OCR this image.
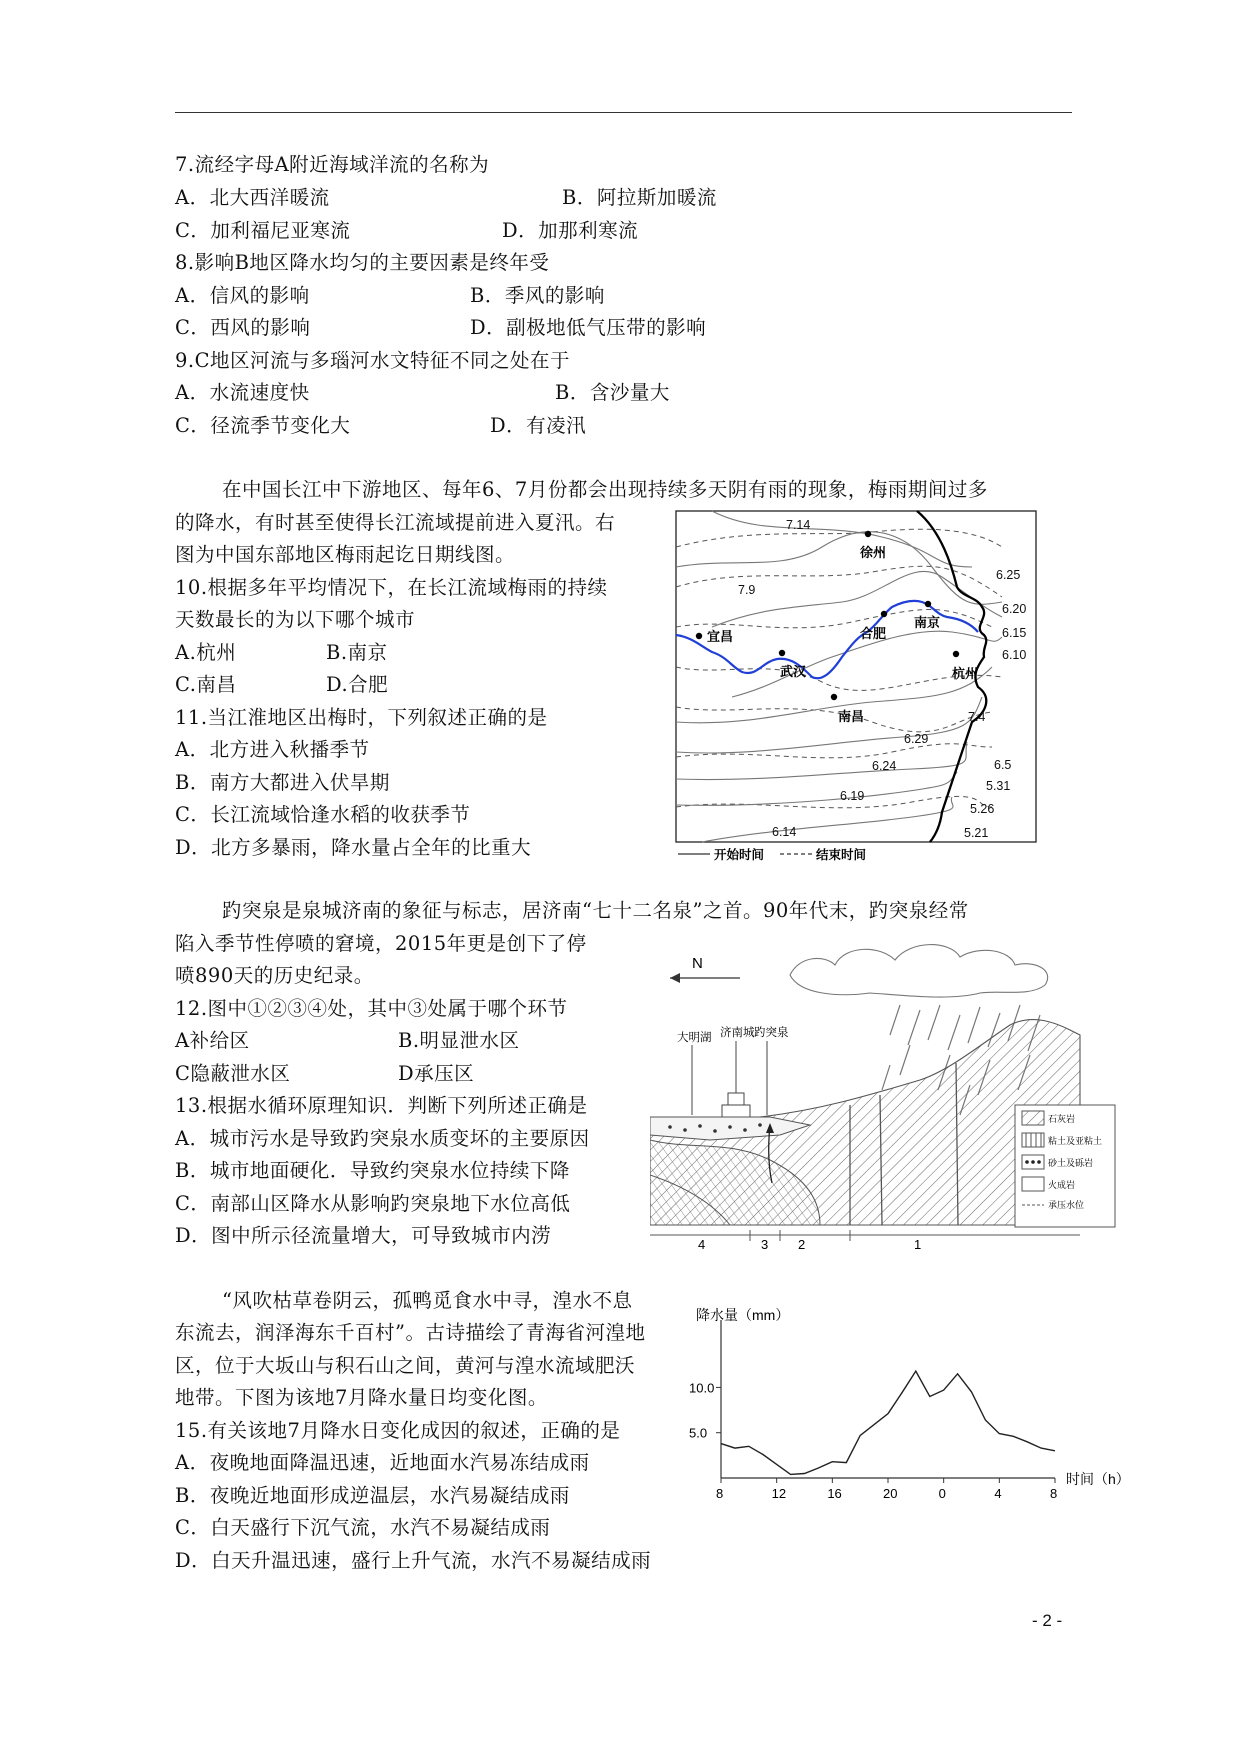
7.流经字母A附近海域洋流的名称为
A．北大西洋暖流	B．阿拉斯加暖流
C．加利福尼亚寒流	D．加那利寒流
8.影响B地区降水均匀的主要因素是终年受
A．信风的影响	B．季风的影响
C．西风的影响	D．副极地低气压带的影响
9.C地区河流与多瑙河水文特征不同之处在于
A．水流速度快	B．含沙量大
C．径流季节变化大	D．有凌汛
在中国长江中下游地区、每年6、7月份都会出现持续多天阴有雨的现象，梅雨期间过多
的降水，有时甚至使得长江流域提前进入夏汛。右
图为中国东部地区梅雨起讫日期线图。
10.根据多年平均情况下，在长江流域梅雨的持续
天数最长的为以下哪个城市
A.杭州	B.南京
C.南昌	D.合肥
11.当江淮地区出梅时，下列叙述正确的是
A．北方进入秋播季节
B．南方大都进入伏旱期
C．长江流域恰逢水稻的收获季节
D．北方多暴雨，降水量占全年的比重大
徐州
合肥
南京
宜昌
武汉	杭州
南昌
7.14
7.9
6.25
6.20
6.15
6.10
7.4
6.29
6.24	6.5
5.31
6.19
5.26
6.14	5.21
开始时间	结束时间
趵突泉是泉城济南的象征与标志，居济南“七十二名泉”之首。90年代末，趵突泉经常
陷入季节性停喷的窘境，2015年更是创下了停
喷890天的历史纪录。
12.图中①②③④处，其中③处属于哪个环节
A补给区	B.明显泄水区
C隐蔽泄水区	D承压区
13.根据水循环原理知识．判断下列所述正确是
A．城市污水是导致趵突泉水质变坏的主要原因
B．城市地面硬化．导致约突泉水位持续下降
C．南部山区降水从影响趵突泉地下水位高低
D．图中所示径流量增大，可导致城市内涝
N
大明湖 济南城 趵突泉
4	3 2	1
石灰岩
粘土及亚粘土
砂土及砾岩
火成岩
承压水位
“风吹枯草卷阴云，孤鸭觅食水中寻，湟水不息
东流去，润泽海东千百村”。古诗描绘了青海省河湟地
区，位于大坂山与积石山之间，黄河与湟水流域肥沃
地带。下图为该地7月降水量日均变化图。
15.有关该地7月降水日变化成因的叙述，正确的是
A．夜晚地面降温迅速，近地面水汽易冻结成雨
B．夜晚近地面形成逆温层，水汽易凝结成雨
C．白天盛行下沉气流，水汽不易凝结成雨
D．白天升温迅速，盛行上升气流，水汽不易凝结成雨
降水量（mm）
时间（h）
5.0
10.0
8	12	16	20	0	4	8
- 2 -
